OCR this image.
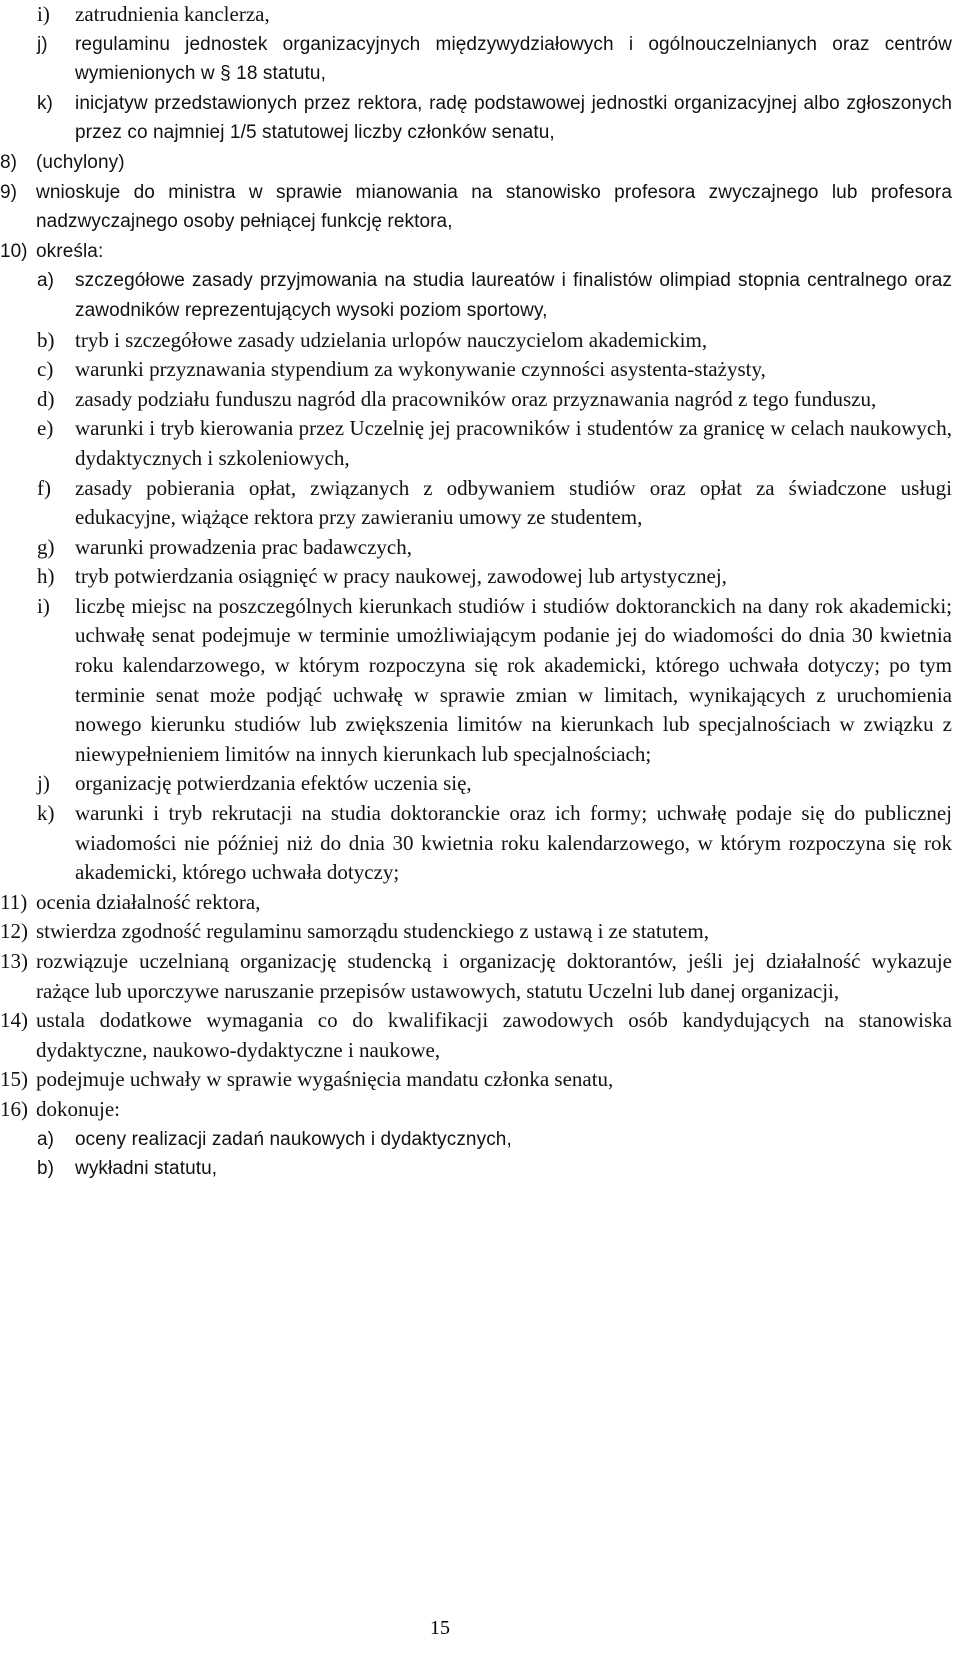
i) zatrudnienia kanclerza,
j) regulaminu jednostek organizacyjnych międzywydziałowych i ogólnouczelnianych oraz centrów wymienionych w § 18 statutu,
k) inicjatyw przedstawionych przez rektora, radę podstawowej jednostki organizacyjnej albo zgłoszonych przez co najmniej 1/5 statutowej liczby członków senatu,
8) (uchylony)
9) wnioskuje do ministra w sprawie mianowania na stanowisko profesora zwyczajnego lub profesora nadzwyczajnego osoby pełniącej funkcję rektora,
10) określa:
a) szczegółowe zasady przyjmowania na studia laureatów i finalistów olimpiad stopnia centralnego oraz zawodników reprezentujących wysoki poziom sportowy,
b) tryb i szczegółowe zasady udzielania urlopów nauczycielom akademickim,
c) warunki przyznawania stypendium za wykonywanie czynności asystenta-stażysty,
d) zasady podziału funduszu nagród dla pracowników oraz przyznawania nagród z tego funduszu,
e) warunki i tryb kierowania przez Uczelnię jej pracowników i studentów za granicę w celach naukowych, dydaktycznych i szkoleniowych,
f) zasady pobierania opłat, związanych z odbywaniem studiów oraz opłat za świadczone usługi edukacyjne, wiążące rektora przy zawieraniu umowy ze studentem,
g) warunki prowadzenia prac badawczych,
h) tryb potwierdzania osiągnięć w pracy naukowej, zawodowej lub artystycznej,
i) liczbę miejsc na poszczególnych kierunkach studiów i studiów doktoranckich na dany rok akademicki; uchwałę senat podejmuje w terminie umożliwiającym podanie jej do wiadomości do dnia 30 kwietnia roku kalendarzowego, w którym rozpoczyna się rok akademicki, którego uchwała dotyczy; po tym terminie senat może podjąć uchwałę w sprawie zmian w limitach, wynikających z uruchomienia nowego kierunku studiów lub zwiększenia limitów na kierunkach lub specjalnościach w związku z niewypełnieniem limitów na innych kierunkach lub specjalnościach;
j) organizację potwierdzania efektów uczenia się,
k) warunki i tryb rekrutacji na studia doktoranckie oraz ich formy; uchwałę podaje się do publicznej wiadomości nie później niż do dnia 30 kwietnia roku kalendarzowego, w którym rozpoczyna się rok akademicki, którego uchwała dotyczy;
11) ocenia działalność rektora,
12) stwierdza zgodność regulaminu samorządu studenckiego z ustawą i ze statutem,
13) rozwiązuje uczelnianą organizację studencką i organizację doktorantów, jeśli jej działalność wykazuje rażące lub uporczywe naruszanie przepisów ustawowych, statutu Uczelni lub danej organizacji,
14) ustala dodatkowe wymagania co do kwalifikacji zawodowych osób kandydujących na stanowiska dydaktyczne, naukowo-dydaktyczne i naukowe,
15) podejmuje uchwały w sprawie wygaśnięcia mandatu członka senatu,
16) dokonuje:
a) oceny realizacji zadań naukowych i dydaktycznych,
b) wykładni statutu,
15
